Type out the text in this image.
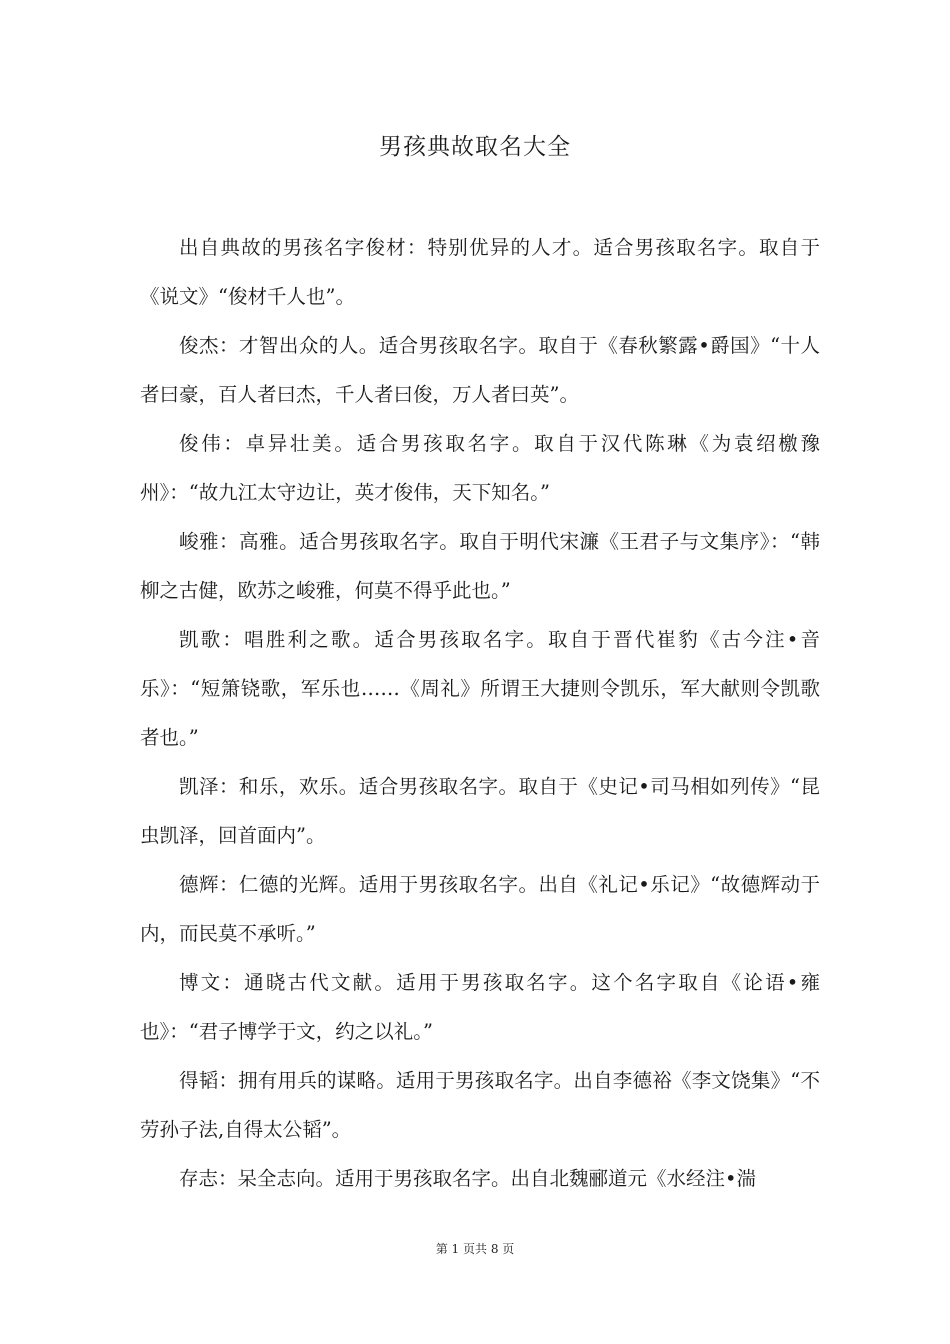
男孩典故取名大全

出自典故的男孩名字俊材：特别优异的人才。适合男孩取名字。取自于《说文》“俊材千人也”。

俊杰：才智出众的人。适合男孩取名字。取自于《春秋繁露•爵国》“十人者曰豪，百人者曰杰，千人者曰俊，万人者曰英”。

俊伟：卓异壮美。适合男孩取名字。取自于汉代陈琳《为袁绍檄豫州》：“故九江太守边让，英才俊伟，天下知名。”

峻雅：高雅。适合男孩取名字。取自于明代宋濂《王君子与文集序》：“韩柳之古健，欧苏之峻雅，何莫不得乎此也。”

凯歌：唱胜利之歌。适合男孩取名字。取自于晋代崔豹《古今注•音乐》：“短箫铙歌，军乐也……《周礼》所谓王大捷则令凯乐，军大献则令凯歌者也。”

凯泽：和乐，欢乐。适合男孩取名字。取自于《史记•司马相如列传》“昆虫凯泽，回首面内”。

德辉：仁德的光辉。适用于男孩取名字。出自《礼记•乐记》“故德辉动于内，而民莫不承听。”

博文：通晓古代文献。适用于男孩取名字。这个名字取自《论语•雍也》：“君子博学于文，约之以礼。”

得韬：拥有用兵的谋略。适用于男孩取名字。出自李德裕《李文饶集》“不劳孙子法,自得太公韬”。

存志：呆全志向。适用于男孩取名字。出自北魏郦道元《水经注•湍

第 1 页共 8 页
